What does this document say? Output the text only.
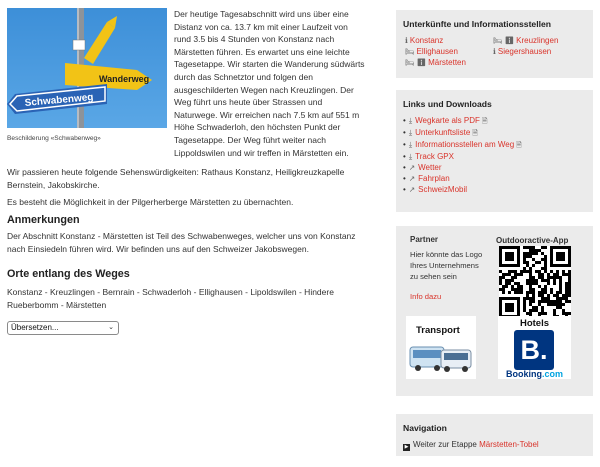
Wanderweg
Schwabenweg
Beschilderung «Schwabenweg»

Der heutige Tagesabschnitt wird uns über eine Distanz von ca. 13.7 km mit einer Laufzeit von rund 3.5 bis 4 Stunden von Konstanz nach Märstetten führen. Es erwartet uns eine leichte Tagesetappe. Wir starten die Wanderung südwärts durch das Schnetztor und folgen den ausgeschilderten Wegen nach Kreuzlingen. Der Weg führt uns heute über Strassen und Naturwege. Wir erreichen nach 7.5 km auf 551 m Höhe Schwaderloh, den höchsten Punkt der Tagesetappe. Der Weg führt weiter nach Lippoldswilen und wir treffen in Märstetten ein.

Wir passieren heute folgende Sehenswürdigkeiten: Rathaus Konstanz, Heiligkreuzkapelle Bernstein, Jakobskirche.

Es besteht die Möglichkeit in der Pilgerherberge Märstetten zu übernachten.

Anmerkungen

Der Abschnitt Konstanz - Märstetten ist Teil des Schwabenweges, welcher uns von Konstanz nach Einsiedeln führen wird. Wir befinden uns auf den Schweizer Jakobswegen.

Orte entlang des Weges

Konstanz - Kreuzlingen - Bernrain - Schwaderloh - Ellighausen - Lipoldswilen - Hindere Rueberbomm - Märstetten

Übersetzen...	⌄
Unterkünfte und Informationsstellen
ℹ Konstanz	🛏 ℹ Kreuzlingen
🛏 Ellighausen	ℹ Siegershausen
🛏 ℹ Märstetten
Links und Downloads
• ⤓ Wegkarte als PDF 🗎
• ⤓ Unterkunftsliste 🗎
• ⤓ Informationsstellen am Weg 🗎
• ⤓ Track GPX
• ↗ Wetter
• ↗ Fahrplan
• ↗ SchweizMobil
Partner
Hier könnte das Logo Ihres Unternehmens zu sehen sein
Info dazu
Transport
Outdooractive-App
Hotels
B.
Booking.com
Navigation
▶ Weiter zur Etappe Märstetten-Tobel
